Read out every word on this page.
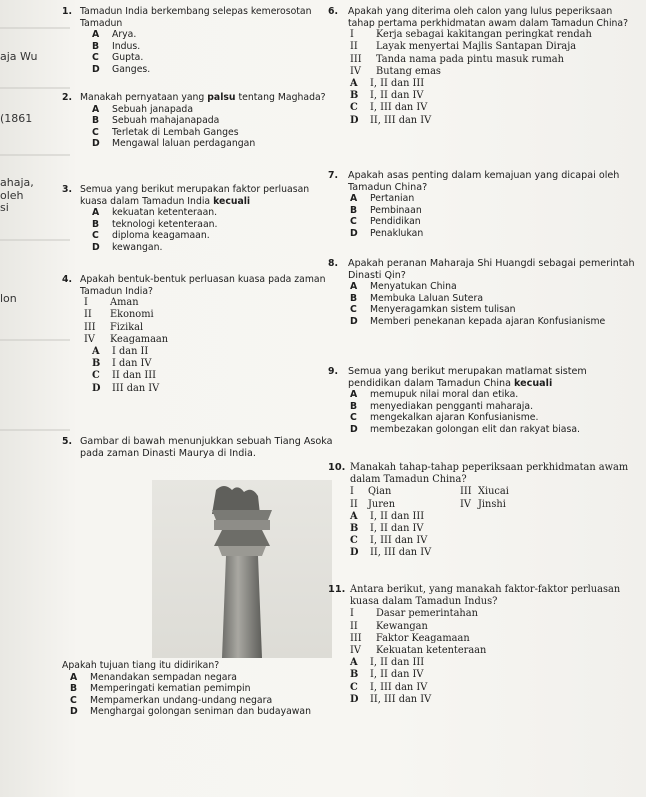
aja Wu
(1861
ahaja,
oleh
si
lon
1. Tamadun India berkembang selepas kemerosotan Tamadun
A	Arya.
B	Indus.
C	Gupta.
D	Ganges.
2. Manakah pernyataan yang palsu tentang Maghada?
A	Sebuah janapada
B	Sebuah mahajanapada
C	Terletak di Lembah Ganges
D	Mengawal laluan perdagangan
3. Semua yang berikut merupakan faktor perluasan kuasa dalam Tamadun India kecuali
A	kekuatan ketenteraan.
B	teknologi ketenteraan.
C	diploma keagamaan.
D	kewangan.
4. Apakah bentuk-bentuk perluasan kuasa pada zaman Tamadun India?
I	Aman
II	Ekonomi
III	Fizikal
IV	Keagamaan
A	I dan II
B	I dan IV
C	II dan III
D	III dan IV
5. Gambar di bawah menunjukkan sebuah Tiang Asoka pada zaman Dinasti Maurya di India.
Apakah tujuan tiang itu didirikan?
A	Menandakan sempadan negara
B	Memperingati kematian pemimpin
C	Mempamerkan undang-undang negara
D	Menghargai golongan seniman dan budayawan
6.	Apakah yang diterima oleh calon yang lulus peperiksaan tahap pertama perkhidmatan awam dalam Tamadun China?
I	Kerja sebagai kakitangan peringkat rendah
II	Layak menyertai Majlis Santapan Diraja
III	Tanda nama pada pintu masuk rumah
IV	Butang emas
A	I, II dan III
B	I, II dan IV
C	I, III dan IV
D	II, III dan IV
7.	Apakah asas penting dalam kemajuan yang dicapai oleh Tamadun China?
A	Pertanian
B	Pembinaan
C	Pendidikan
D	Penaklukan
8.	Apakah peranan Maharaja Shi Huangdi sebagai pemerintah Dinasti Qin?
A	Menyatukan China
B	Membuka Laluan Sutera
C	Menyeragamkan sistem tulisan
D	Memberi penekanan kepada ajaran Konfusianisme
9.	Semua yang berikut merupakan matlamat sistem pendidikan dalam Tamadun China kecuali
A	memupuk nilai moral dan etika.
B	menyediakan pengganti maharaja.
C	mengekalkan ajaran Konfusianisme.
D	membezakan golongan elit dan rakyat biasa.
10. Manakah tahap-tahap peperiksaan perkhidmatan awam dalam Tamadun China?
I Qian	III Xiucai
II Juren	IV Jinshi
A	I, II dan III
B	I, II dan IV
C	I, III dan IV
D	II, III dan IV
11. Antara berikut, yang manakah faktor-faktor perluasan kuasa dalam Tamadun Indus?
I	Dasar pemerintahan
II	Kewangan
III	Faktor Keagamaan
IV	Kekuatan ketenteraan
A	I, II dan III
B	I, II dan IV
C	I, III dan IV
D	II, III dan IV
